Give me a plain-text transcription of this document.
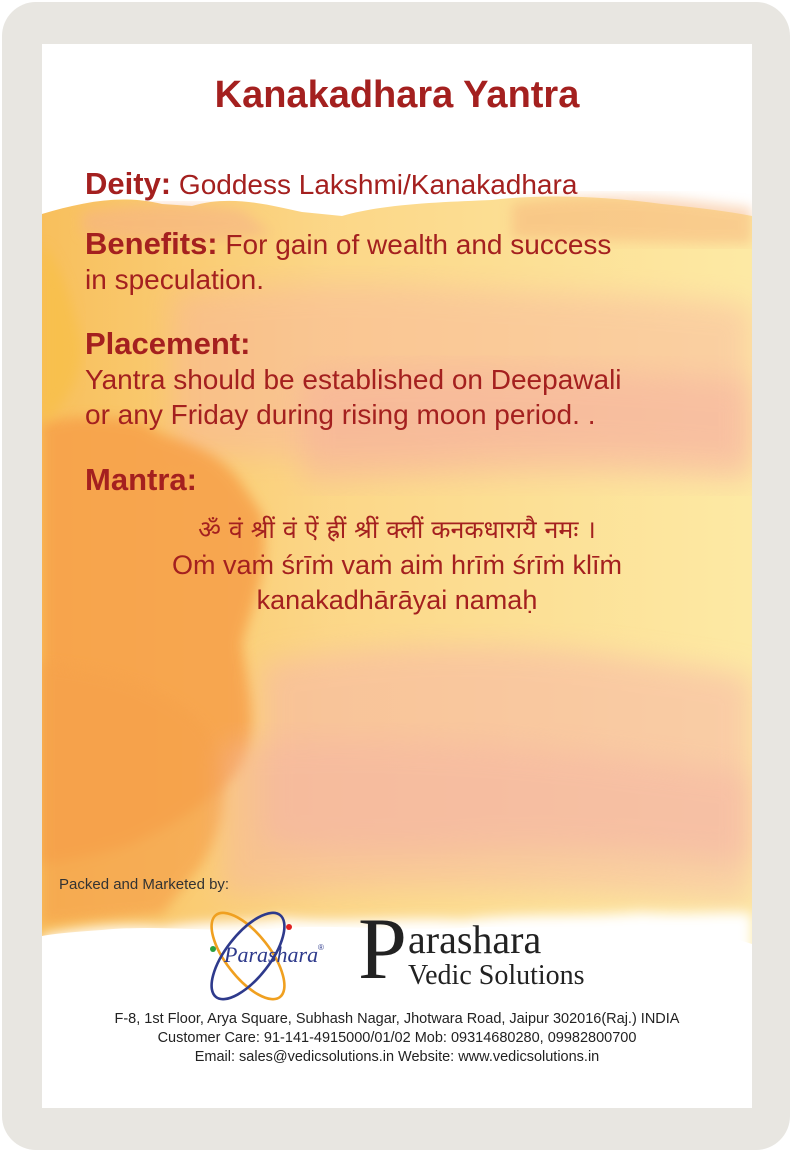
Kanakadhara Yantra
Deity: Goddess Lakshmi/Kanakadhara
Benefits: For gain of wealth and success
in speculation.
Placement:
Yantra should be established on Deepawali
or any Friday during rising moon period. .
Mantra:
ॐ वं श्रीं वं ऐं ह्रीं श्रीं क्लीं कनकधारायै नमः ।
Oṁ vaṁ śrīṁ vaṁ aiṁ hrīṁ śrīṁ klīṁ
kanakadhārāyai namaḥ
Packed and Marketed by:
Parashara ® P arashara
Vedic Solutions
F-8, 1st Floor, Arya Square, Subhash Nagar, Jhotwara Road, Jaipur 302016(Raj.) INDIA
Customer Care: 91-141-4915000/01/02 Mob: 09314680280, 09982800700
Email: sales@vedicsolutions.in Website: www.vedicsolutions.in
